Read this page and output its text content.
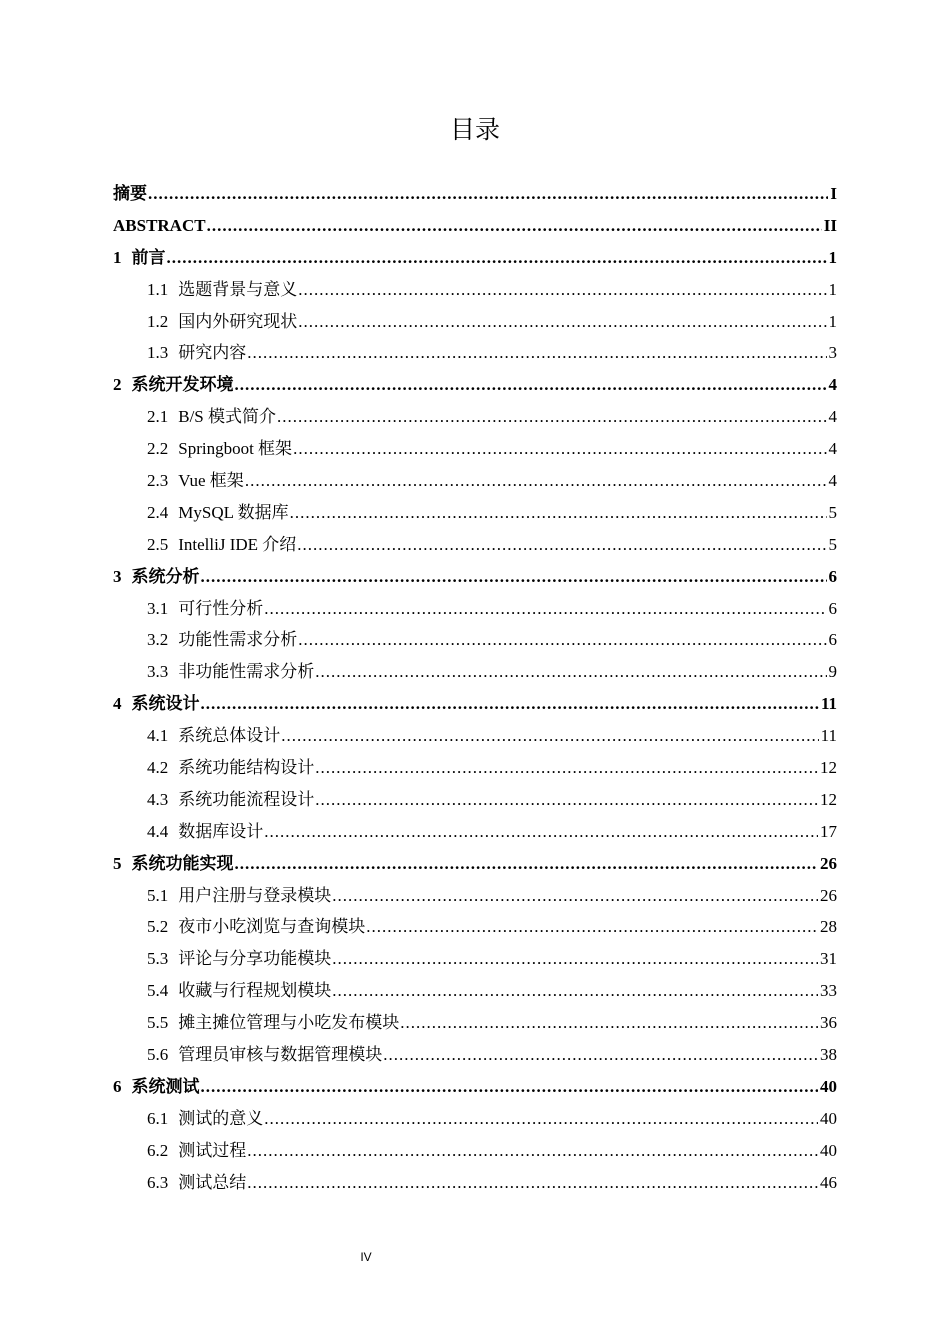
目录
摘要 .....	I
ABSTRACT .....	II
1 前言 .....	1
1.1 选题背景与意义 .....	1
1.2 国内外研究现状 .....	1
1.3 研究内容 .....	3
2 系统开发环境 .....	4
2.1 B/S 模式简介 .....	4
2.2 Springboot 框架 .....	4
2.3 Vue 框架 .....	4
2.4 MySQL 数据库 .....	5
2.5 IntelliJ IDE 介绍 .....	5
3 系统分析 .....	6
3.1 可行性分析 .....	6
3.2 功能性需求分析 .....	6
3.3 非功能性需求分析 .....	9
4 系统设计 .....	11
4.1 系统总体设计 .....	11
4.2 系统功能结构设计 .....	12
4.3 系统功能流程设计 .....	12
4.4 数据库设计 .....	17
5 系统功能实现 .....	26
5.1 用户注册与登录模块 .....	26
5.2 夜市小吃浏览与查询模块 .....	28
5.3 评论与分享功能模块 .....	31
5.4 收藏与行程规划模块 .....	33
5.5 摊主摊位管理与小吃发布模块 .....	36
5.6 管理员审核与数据管理模块 .....	38
6 系统测试 .....	40
6.1 测试的意义 .....	40
6.2 测试过程 .....	40
6.3 测试总结 .....	46
IV
